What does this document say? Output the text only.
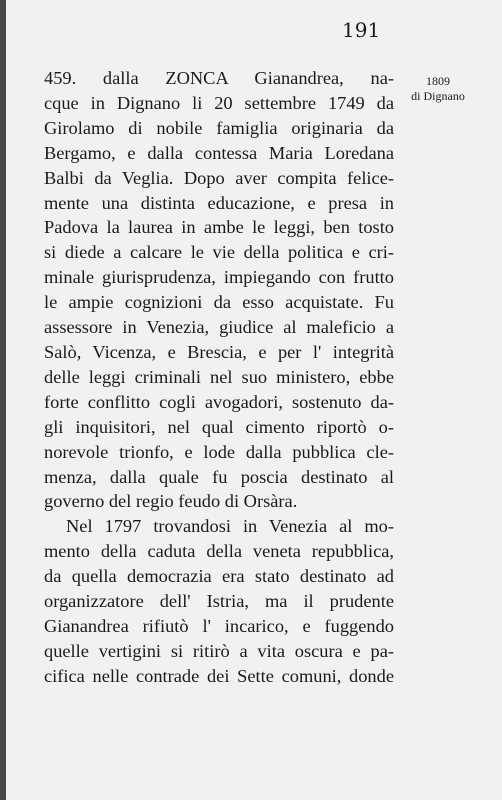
191
1809
di Dignano
459. dalla ZONCA Gianandrea, na-
cque in Dignano li 20 settembre 1749 da
Girolamo di nobile famiglia originaria da
Bergamo, e dalla contessa Maria Loredana
Balbi da Veglia. Dopo aver compita felice-
mente una distinta educazione, e presa in
Padova la laurea in ambe le leggi, ben tosto
si diede a calcare le vie della politica e cri-
minale giurisprudenza, impiegando con frutto
le ampie cognizioni da esso acquistate. Fu
assessore in Venezia, giudice al maleficio a
Salò, Vicenza, e Brescia, e per l' integrità
delle leggi criminali nel suo ministero, ebbe
forte conflitto cogli avogadori, sostenuto da-
gli inquisitori, nel qual cimento riportò o-
norevole trionfo, e lode dalla pubblica cle-
menza, dalla quale fu poscia destinato al
governo del regio feudo di Orsàra.
Nel 1797 trovandosi in Venezia al mo-
mento della caduta della veneta repubblica,
da quella democrazia era stato destinato ad
organizzatore dell' Istria, ma il prudente
Gianandrea rifiutò l' incarico, e fuggendo
quelle vertigini si ritirò a vita oscura e pa-
cifica nelle contrade dei Sette comuni, donde
